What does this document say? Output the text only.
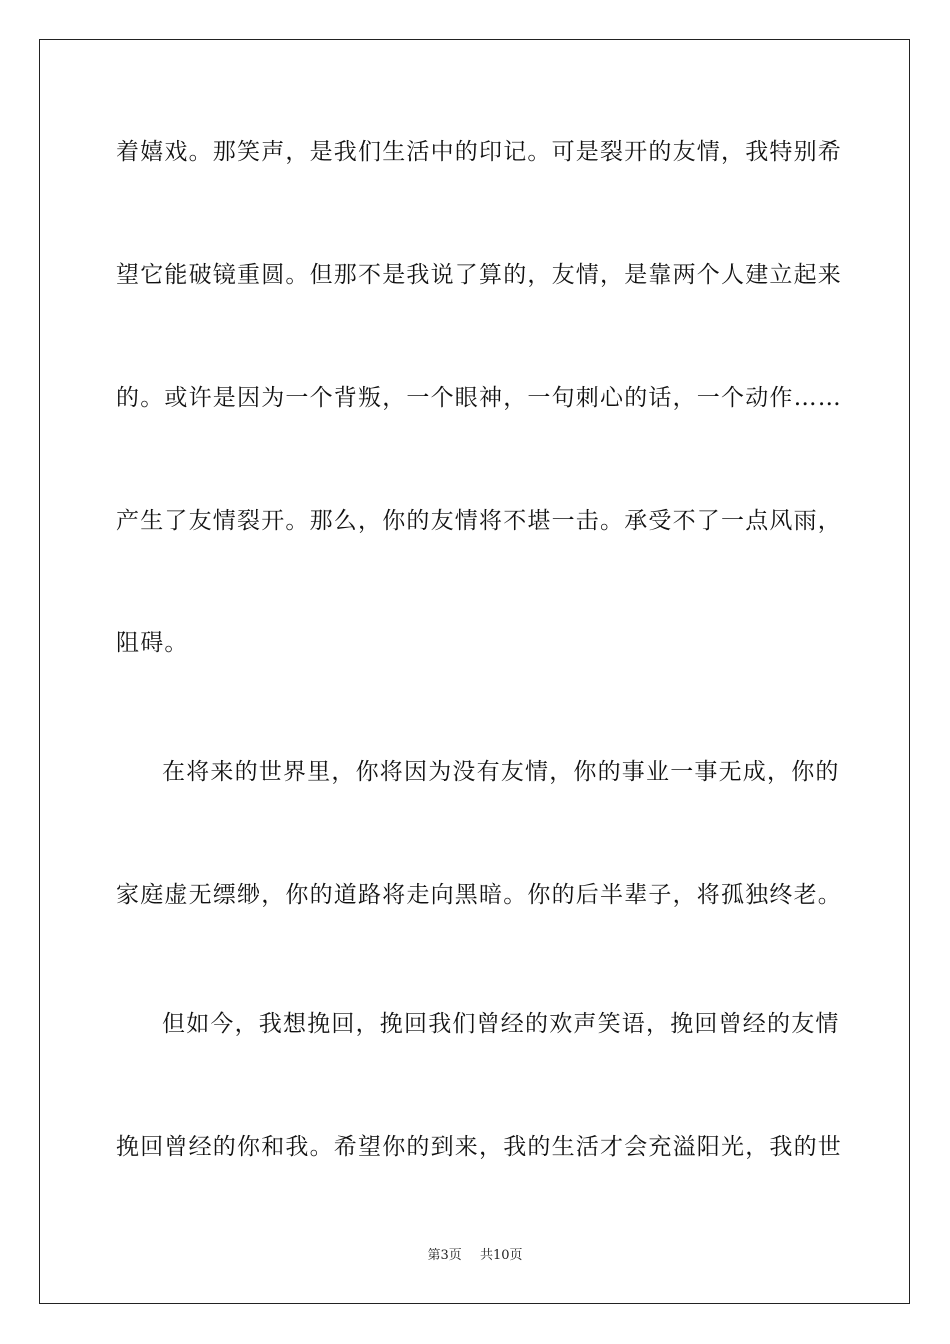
着嬉戏。那笑声，是我们生活中的印记。可是裂开的友情，我特别希
望它能破镜重圆。但那不是我说了算的，友情，是靠两个人建立起来
的。或许是因为一个背叛，一个眼神，一句刺心的话，一个动作……
产生了友情裂开。那么，你的友情将不堪一击。承受不了一点风雨，
阻碍。
在将来的世界里，你将因为没有友情，你的事业一事无成，你的
家庭虚无缥缈，你的道路将走向黑暗。你的后半辈子，将孤独终老。
但如今，我想挽回，挽回我们曾经的欢声笑语，挽回曾经的友情
挽回曾经的你和我。希望你的到来，我的生活才会充溢阳光，我的世
第3页 共10页
